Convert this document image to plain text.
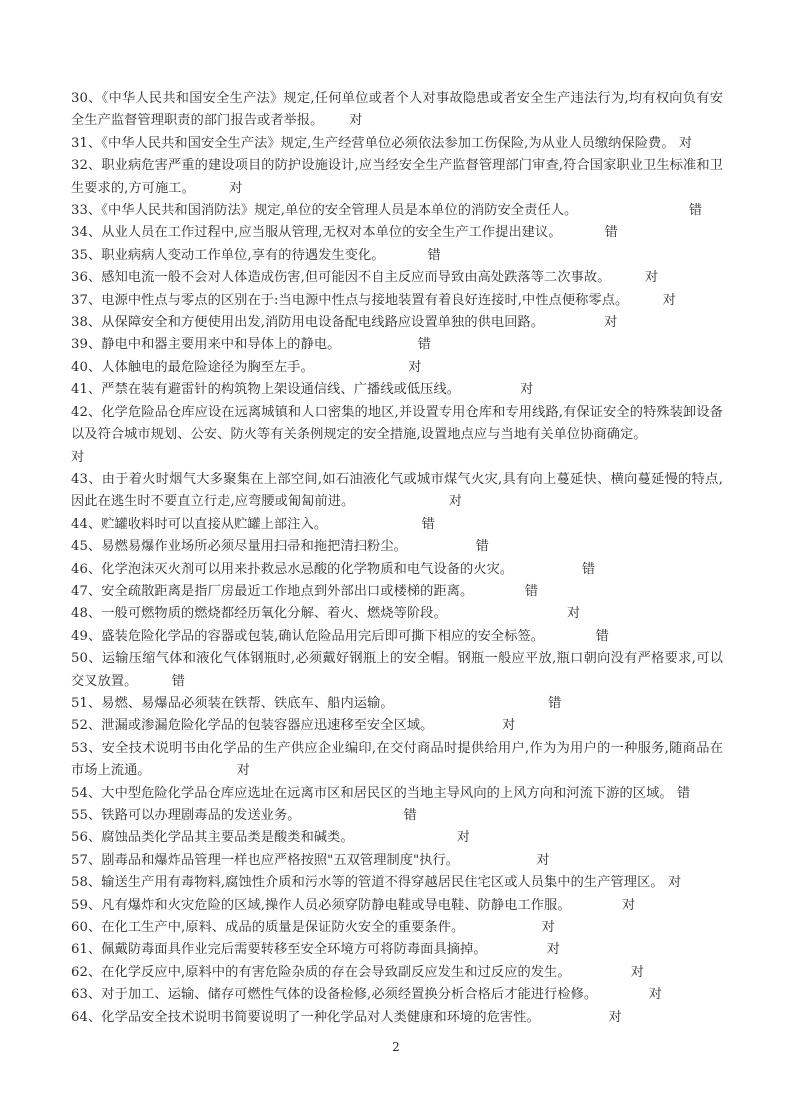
30、《中华人民共和国安全生产法》规定,任何单位或者个人对事故隐患或者安全生产违法行为,均有权向负有安全生产监督管理职责的部门报告或者举报。 对

31、《中华人民共和国安全生产法》规定,生产经营单位必须依法参加工伤保险,为从业人员缴纳保险费。 对

32、职业病危害严重的建设项目的防护设施设计,应当经安全生产监督管理部门审查,符合国家职业卫生标准和卫生要求的,方可施工。	对

33、《中华人民共和国消防法》规定,单位的安全管理人员是本单位的消防安全责任人。	错

34、从业人员在工作过程中,应当服从管理,无权对本单位的安全生产工作提出建议。	错

35、职业病病人变动工作单位,享有的待遇发生变化。	错

36、感知电流一般不会对人体造成伤害,但可能因不自主反应而导致由高处跌落等二次事故。	对

37、电源中性点与零点的区别在于:当电源中性点与接地装置有着良好连接时,中性点便称零点。	对

38、从保障安全和方便使用出发,消防用电设备配电线路应设置单独的供电回路。	对

39、静电中和器主要用来中和导体上的静电。	错

40、人体触电的最危险途径为胸至左手。	对

41、严禁在装有避雷针的构筑物上架设通信线、广播线或低压线。	对

42、化学危险品仓库应设在远离城镇和人口密集的地区,并设置专用仓库和专用线路,有保证安全的特殊装卸设备以及符合城市规划、公安、防火等有关条例规定的安全措施,设置地点应与当地有关单位协商确定。
对

43、由于着火时烟气大多聚集在上部空间,如石油液化气或城市煤气火灾,具有向上蔓延快、横向蔓延慢的特点,因此在逃生时不要直立行走,应弯腰或匍匐前进。	对

44、贮罐收料时可以直接从贮罐上部注入。	错

45、易燃易爆作业场所必须尽量用扫帚和拖把清扫粉尘。	错

46、化学泡沫灭火剂可以用来扑救忌水忌酸的化学物质和电气设备的火灾。	错

47、安全疏散距离是指厂房最近工作地点到外部出口或楼梯的距离。	错

48、一般可燃物质的燃烧都经历氧化分解、着火、燃烧等阶段。	对

49、盛装危险化学品的容器或包装,确认危险品用完后即可撕下相应的安全标签。	错

50、运输压缩气体和液化气体钢瓶时,必须戴好钢瓶上的安全帽。钢瓶一般应平放,瓶口朝向没有严格要求,可以交叉放置。	错

51、易燃、易爆品必须装在铁帮、铁底车、船内运输。	错

52、泄漏或渗漏危险化学品的包装容器应迅速移至安全区域。	对

53、安全技术说明书由化学品的生产供应企业编印,在交付商品时提供给用户,作为为用户的一种服务,随商品在市场上流通。	对

54、大中型危险化学品仓库应选址在远离市区和居民区的当地主导风向的上风方向和河流下游的区域。 错

55、铁路可以办理剧毒品的发送业务。	错

56、腐蚀品类化学品其主要品类是酸类和碱类。	对

57、剧毒品和爆炸品管理一样也应严格按照"五双管理制度"执行。	对

58、输送生产用有毒物料,腐蚀性介质和污水等的管道不得穿越居民住宅区或人员集中的生产管理区。 对

59、凡有爆炸和火灾危险的区域,操作人员必须穿防静电鞋或导电鞋、防静电工作服。	对

60、在化工生产中,原料、成品的质量是保证防火安全的重要条件。	对

61、佩戴防毒面具作业完后需要转移至安全环境方可将防毒面具摘掉。	对

62、在化学反应中,原料中的有害危险杂质的存在会导致副反应发生和过反应的发生。	对

63、对于加工、运输、储存可燃性气体的设备检修,必须经置换分析合格后才能进行检修。	对

64、化学品安全技术说明书简要说明了一种化学品对人类健康和环境的危害性。	对

2
